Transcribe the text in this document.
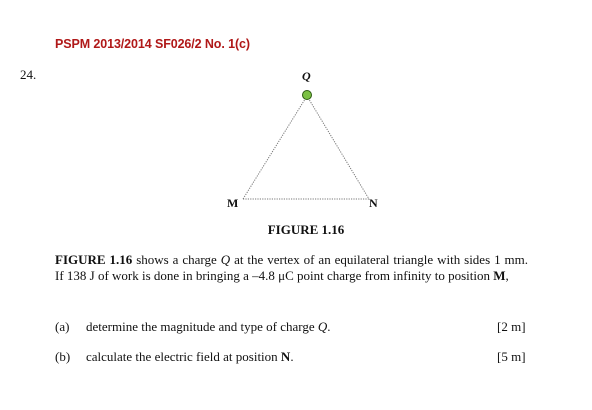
PSPM 2013/2014 SF026/2 No. 1(c)
24.	Q
M	N
FIGURE 1.16
FIGURE 1.16 shows a charge Q at the vertex of an equilateral triangle with sides 1 mm. If 138 J of work is done in bringing a –4.8 μC point charge from infinity to position M,
(a) determine the magnitude and type of charge Q.	[2 m]
(b) calculate the electric field at position N.	[5 m]
